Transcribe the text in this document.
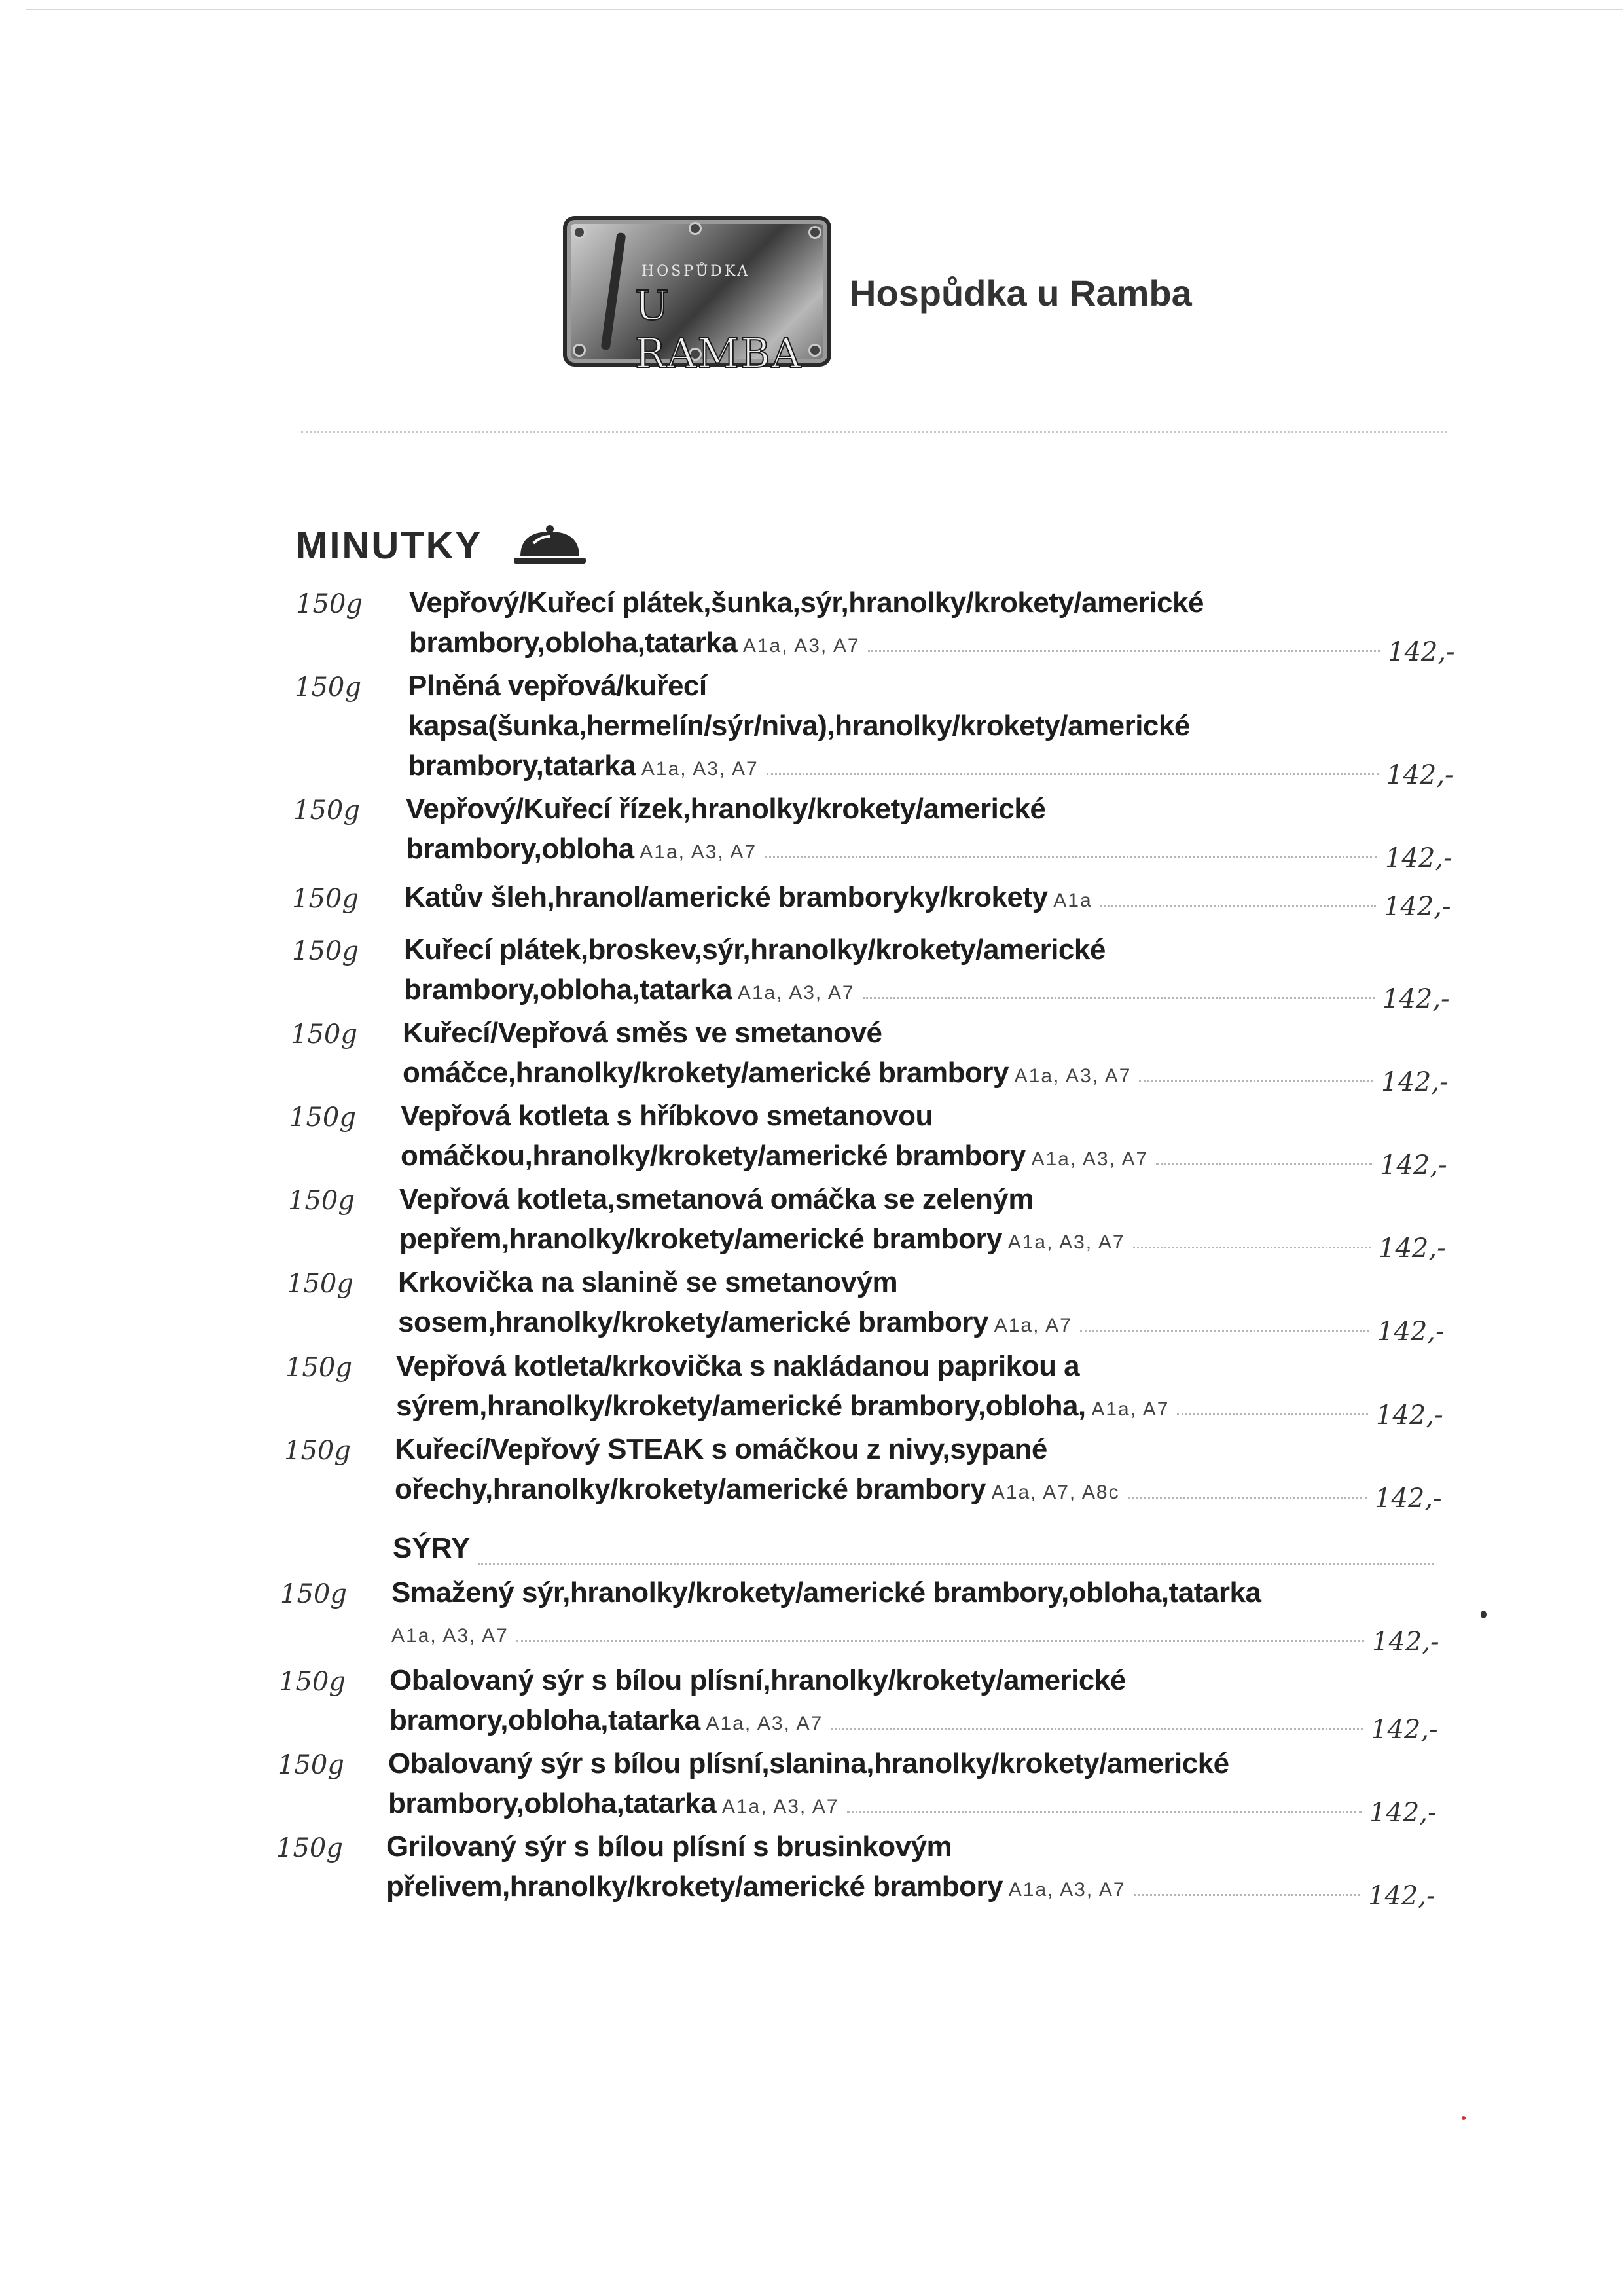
HOSPŮDKA
U RAMBA
Hospůdka u Ramba
MINUTKY
150g Vepřový/Kuřecí plátek,šunka,sýr,hranolky/krokety/americké
brambory,obloha,tatarka A1a, A3, A7	142,-
150g Plněná vepřová/kuřecí
kapsa(šunka,hermelín/sýr/niva),hranolky/krokety/americké
brambory,tatarka A1a, A3, A7	142,-
150g Vepřový/Kuřecí řízek,hranolky/krokety/americké
brambory,obloha A1a, A3, A7	142,-
150g Katův šleh,hranol/americké bramboryky/krokety A1a	142,-
150g Kuřecí plátek,broskev,sýr,hranolky/krokety/americké
brambory,obloha,tatarka A1a, A3, A7	142,-
150g Kuřecí/Vepřová směs ve smetanové
omáčce,hranolky/krokety/americké brambory A1a, A3, A7	142,-
150g Vepřová kotleta s hříbkovo smetanovou
omáčkou,hranolky/krokety/americké brambory A1a, A3, A7	142,-
150g Vepřová kotleta,smetanová omáčka se zeleným
pepřem,hranolky/krokety/americké brambory A1a, A3, A7	142,-
150g Krkovička na slanině se smetanovým
sosem,hranolky/krokety/americké brambory A1a, A7	142,-
150g Vepřová kotleta/krkovička s nakládanou paprikou a
sýrem,hranolky/krokety/americké brambory,obloha, A1a, A7	142,-
150g Kuřecí/Vepřový STEAK s omáčkou z nivy,sypané
ořechy,hranolky/krokety/americké brambory A1a, A7, A8c	142,-
SÝRY
150g Smažený sýr,hranolky/krokety/americké brambory,obloha,tatarka
A1a, A3, A7	142,-
150g Obalovaný sýr s bílou plísní,hranolky/krokety/americké
bramory,obloha,tatarka A1a, A3, A7	142,-
150g Obalovaný sýr s bílou plísní,slanina,hranolky/krokety/americké
brambory,obloha,tatarka A1a, A3, A7	142,-
150g Grilovaný sýr s bílou plísní s brusinkovým
přelivem,hranolky/krokety/americké brambory A1a, A3, A7	142,-
